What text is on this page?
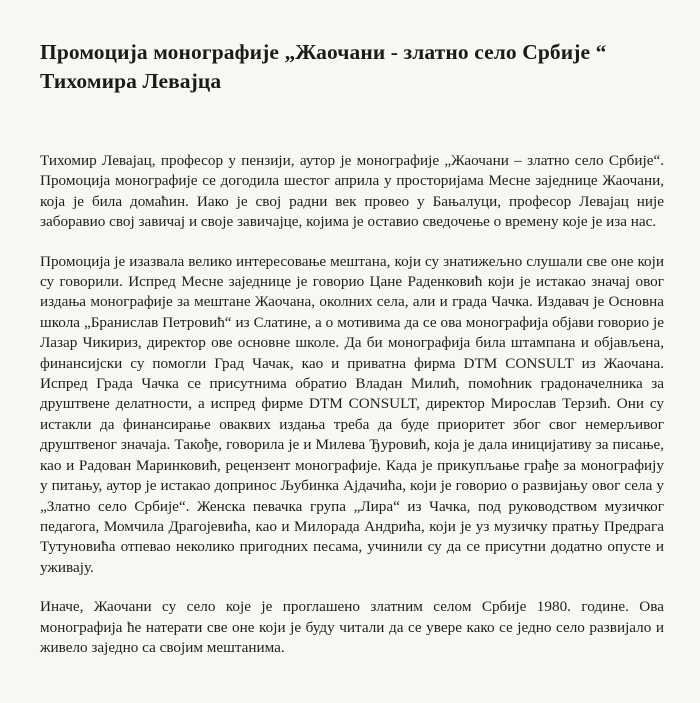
Промоција монографије „Жаочани - златно село Србије “
Тихомира Леваjца

Тихомир Леваjац, професор у пензији, аутор је монографије „Жаочани – златно село Србије“. Промоција монографије се догодила шестог априла у просторијама Месне заједнице Жаочани, која је била домаћин. Иако је свој радни век провео у Бањалуци, професор Леваjац није заборавио свој завичај и своје завичајце, којима је оставио сведочење о времену које је иза нас.

Промоција је изазвала велико интересовање мештана, који су знатижељно слушали све оне који су говорили. Испред Месне заједнице је говорио Цане Раденковић који је истакао значај овог издања монографије за мештане Жаочана, околних села, али и града Чачка. Издавач је Основна школа „Бранислав Петровић“ из Слатине, а о мотивима да се ова монографија објави говорио је Лазар Чикириз, директор ове основне школе. Да би монографија била штампана и објављена, финансијски су помогли Град Чачак, као и приватна фирма DTM CONSULT из Жаочана. Испред Града Чачка се присутнима обратио Владан Милић, помоћник градоначелника за друштвене делатности, а испред фирме DTM CONSULT, директор Мирослав Терзић. Они су истакли да финансирање оваквих издања треба да буде приоритет због свог немерљивог друштвеног значаја. Такође, говорила је и Милева Ђуровић, која је дала иницијативу за писање, као и Радован Маринковић, рецензент монографије. Када је прикупљање грађе за монографију у питању, аутор је истакао допринос Љубинка Ајдачића, који је говорио о развијању овог села у „Златно село Србије“. Женска певачка група „Лира“ из Чачка, под руководством музичког педагога, Момчила Драгојевића, као и Милорада Андрића, који је уз музичку пратњу Предрага Тутуновића отпевао неколико пригодних песама, учинили су да се присутни додатно опусте и уживају.

Иначе, Жаочани су село које је проглашено златним селом Србије 1980. године. Ова монографија ће натерати све оне који је буду читали да се увере како се једно село развијало и живело заједно са својим мештанима.
